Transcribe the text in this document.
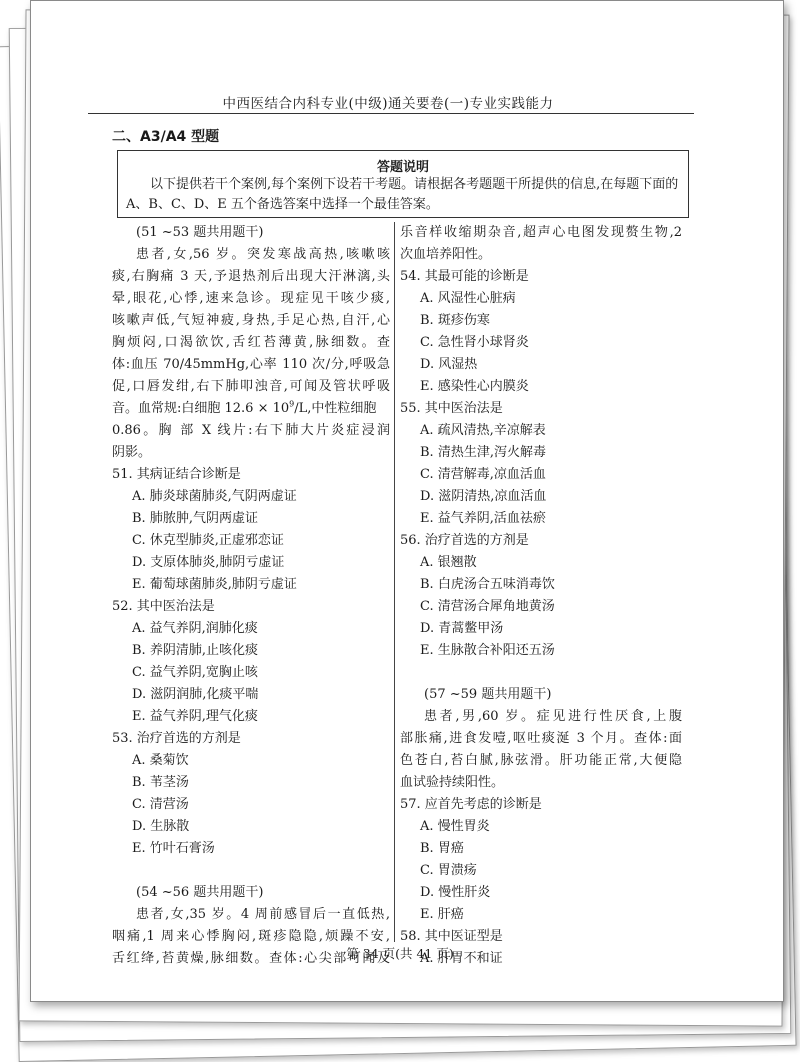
中西医结合内科专业(中级)通关要卷(一)专业实践能力
二、A3/A4 型题
答题说明
以下提供若干个案例,每个案例下设若干考题。请根据各考题题干所提供的信息,在每题下面的 A、B、C、D、E 五个备选答案中选择一个最佳答案。
(51 ~53 题共用题干)
患者,女,56 岁。突发寒战高热,咳嗽咳
痰,右胸痛 3 天,予退热剂后出现大汗淋漓,头
晕,眼花,心悸,速来急诊。现症见干咳少痰,
咳嗽声低,气短神疲,身热,手足心热,自汗,心
胸烦闷,口渴欲饮,舌红苔薄黄,脉细数。查
体:血压 70/45mmHg,心率 110 次/分,呼吸急
促,口唇发绀,右下肺叩浊音,可闻及管状呼吸
音。血常规:白细胞 $12.6 \times 10^9/L$,中性粒细胞
0.86。胸 部 X 线片:右下肺大片炎症浸润
阴影。
51. 其病证结合诊断是
A. 肺炎球菌肺炎,气阴两虚证
B. 肺脓肿,气阴两虚证
C. 休克型肺炎,正虚邪恋证
D. 支原体肺炎,肺阴亏虚证
E. 葡萄球菌肺炎,肺阴亏虚证
52. 其中医治法是
A. 益气养阴,润肺化痰
B. 养阴清肺,止咳化痰
C. 益气养阴,宽胸止咳
D. 滋阴润肺,化痰平喘
E. 益气养阴,理气化痰
53. 治疗首选的方剂是
A. 桑菊饮
B. 苇茎汤
C. 清营汤
D. 生脉散
E. 竹叶石膏汤
(54 ~56 题共用题干)
患者,女,35 岁。4 周前感冒后一直低热,
咽痛,1 周来心悸胸闷,斑疹隐隐,烦躁不安,
舌红绛,苔黄燥,脉细数。查体:心尖部可闻及
乐音样收缩期杂音,超声心电图发现赘生物,2
次血培养阳性。
54. 其最可能的诊断是
A. 风湿性心脏病
B. 斑疹伤寒
C. 急性肾小球肾炎
D. 风湿热
E. 感染性心内膜炎
55. 其中医治法是
A. 疏风清热,辛凉解表
B. 清热生津,泻火解毒
C. 清营解毒,凉血活血
D. 滋阴清热,凉血活血
E. 益气养阴,活血祛瘀
56. 治疗首选的方剂是
A. 银翘散
B. 白虎汤合五味消毒饮
C. 清营汤合犀角地黄汤
D. 青蒿鳖甲汤
E. 生脉散合补阳还五汤
(57 ~59 题共用题干)
患者,男,60 岁。症见进行性厌食,上腹
部胀痛,进食发噎,呕吐痰涎 3 个月。查体:面
色苍白,苔白腻,脉弦滑。肝功能正常,大便隐
血试验持续阳性。
57. 应首先考虑的诊断是
A. 慢性胃炎
B. 胃癌
C. 胃溃疡
D. 慢性肝炎
E. 肝癌
58. 其中医证型是
A. 肝胃不和证
第 34 页(共 41 页)
